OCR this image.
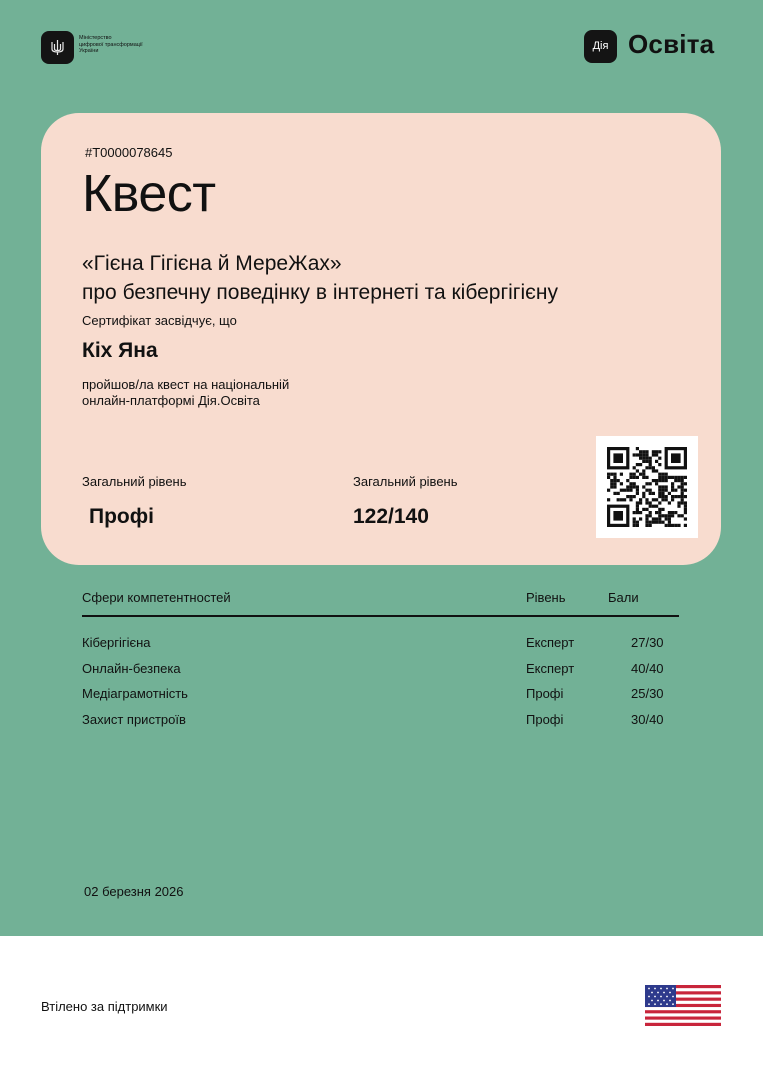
Міністерство
цифрової трансформації
України	Дія Освіта
#T0000078645
Квест
«Гієна Гігієна й МереЖах»
про безпечну поведінку в інтернеті та кібергігієну
Сертифікат засвідчує, що
Кіх Яна
пройшов/ла квест на національній
онлайн-платформі Дія.Освіта
Загальний рівень
Профі
Загальний рівень
122/140
Сфери компетентностей	Рівень	Бали
Кібергігієна	Експерт	27/30
Онлайн-безпека	Експерт	40/40
Медіаграмотність	Профі	25/30
Захист пристроїв	Профі	30/40
02 березня 2026
Втілено за підтримки
